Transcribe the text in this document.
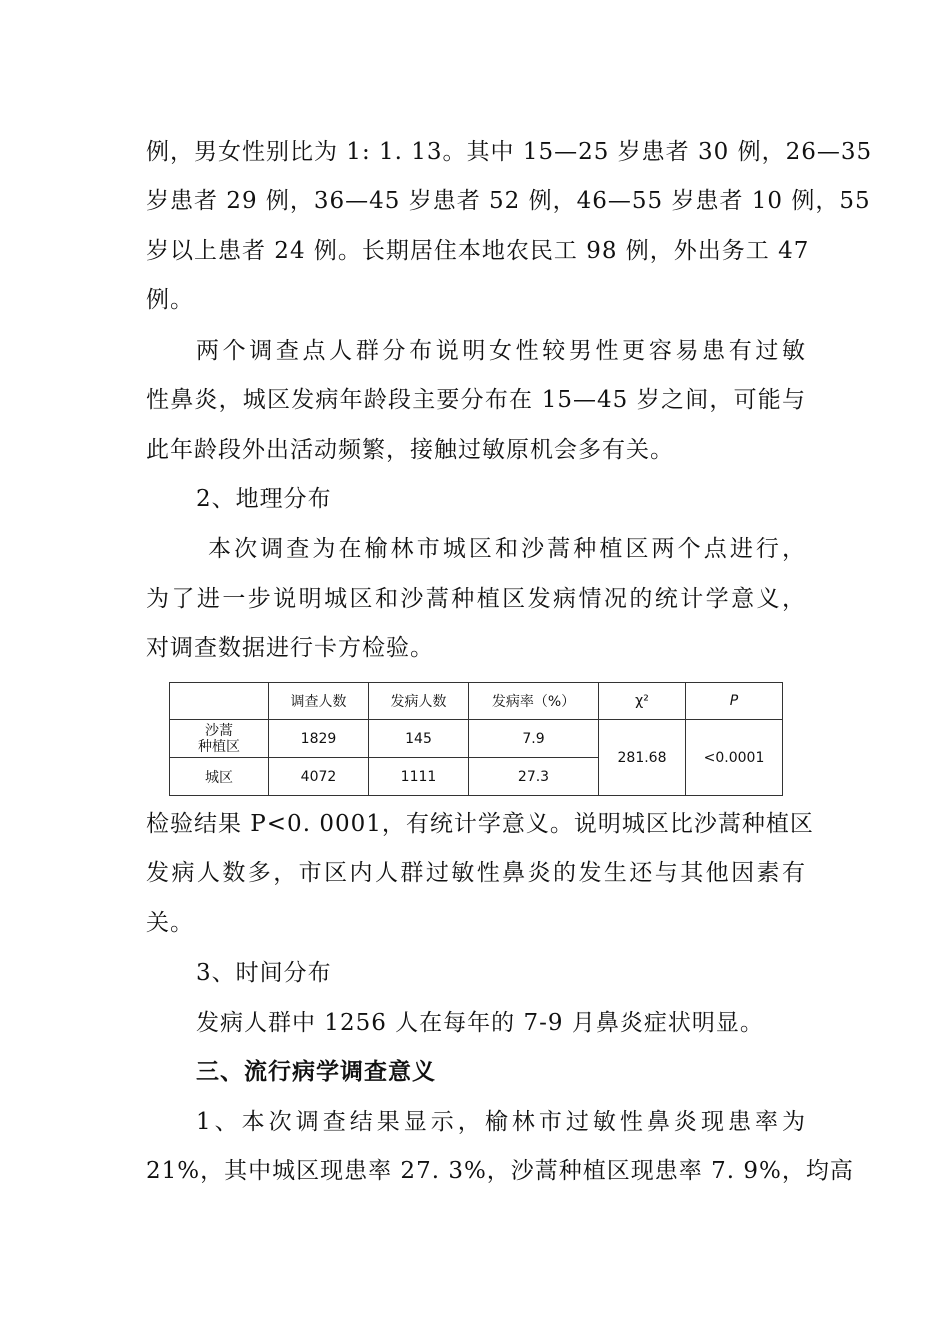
例，男女性别比为 1: 1. 13。其中 15—25 岁患者 30 例，26—35
岁患者 29 例，36—45 岁患者 52 例，46—55 岁患者 10 例，55
岁以上患者 24 例。长期居住本地农民工 98 例，外出务工 47
例。
两个调查点人群分布说明女性较男性更容易患有过敏
性鼻炎，城区发病年龄段主要分布在 15—45 岁之间，可能与
此年龄段外出活动频繁，接触过敏原机会多有关。
2、地理分布
本次调查为在榆林市城区和沙蒿种植区两个点进行，
为了进一步说明城区和沙蒿种植区发病情况的统计学意义，
对调查数据进行卡方检验。
	调查人数	发病人数	发病率（%）	χ²	P

沙蒿
种植区	1829	145	7.9	281.68	<0.0001
城区	4072	1111	27.3		
检验结果 P<0. 0001，有统计学意义。说明城区比沙蒿种植区
发病人数多，市区内人群过敏性鼻炎的发生还与其他因素有
关。
3、时间分布
发病人群中 1256 人在每年的 7-9 月鼻炎症状明显。
三、流行病学调查意义
1、本次调查结果显示，榆林市过敏性鼻炎现患率为
21%，其中城区现患率 27. 3%，沙蒿种植区现患率 7. 9%，均高
